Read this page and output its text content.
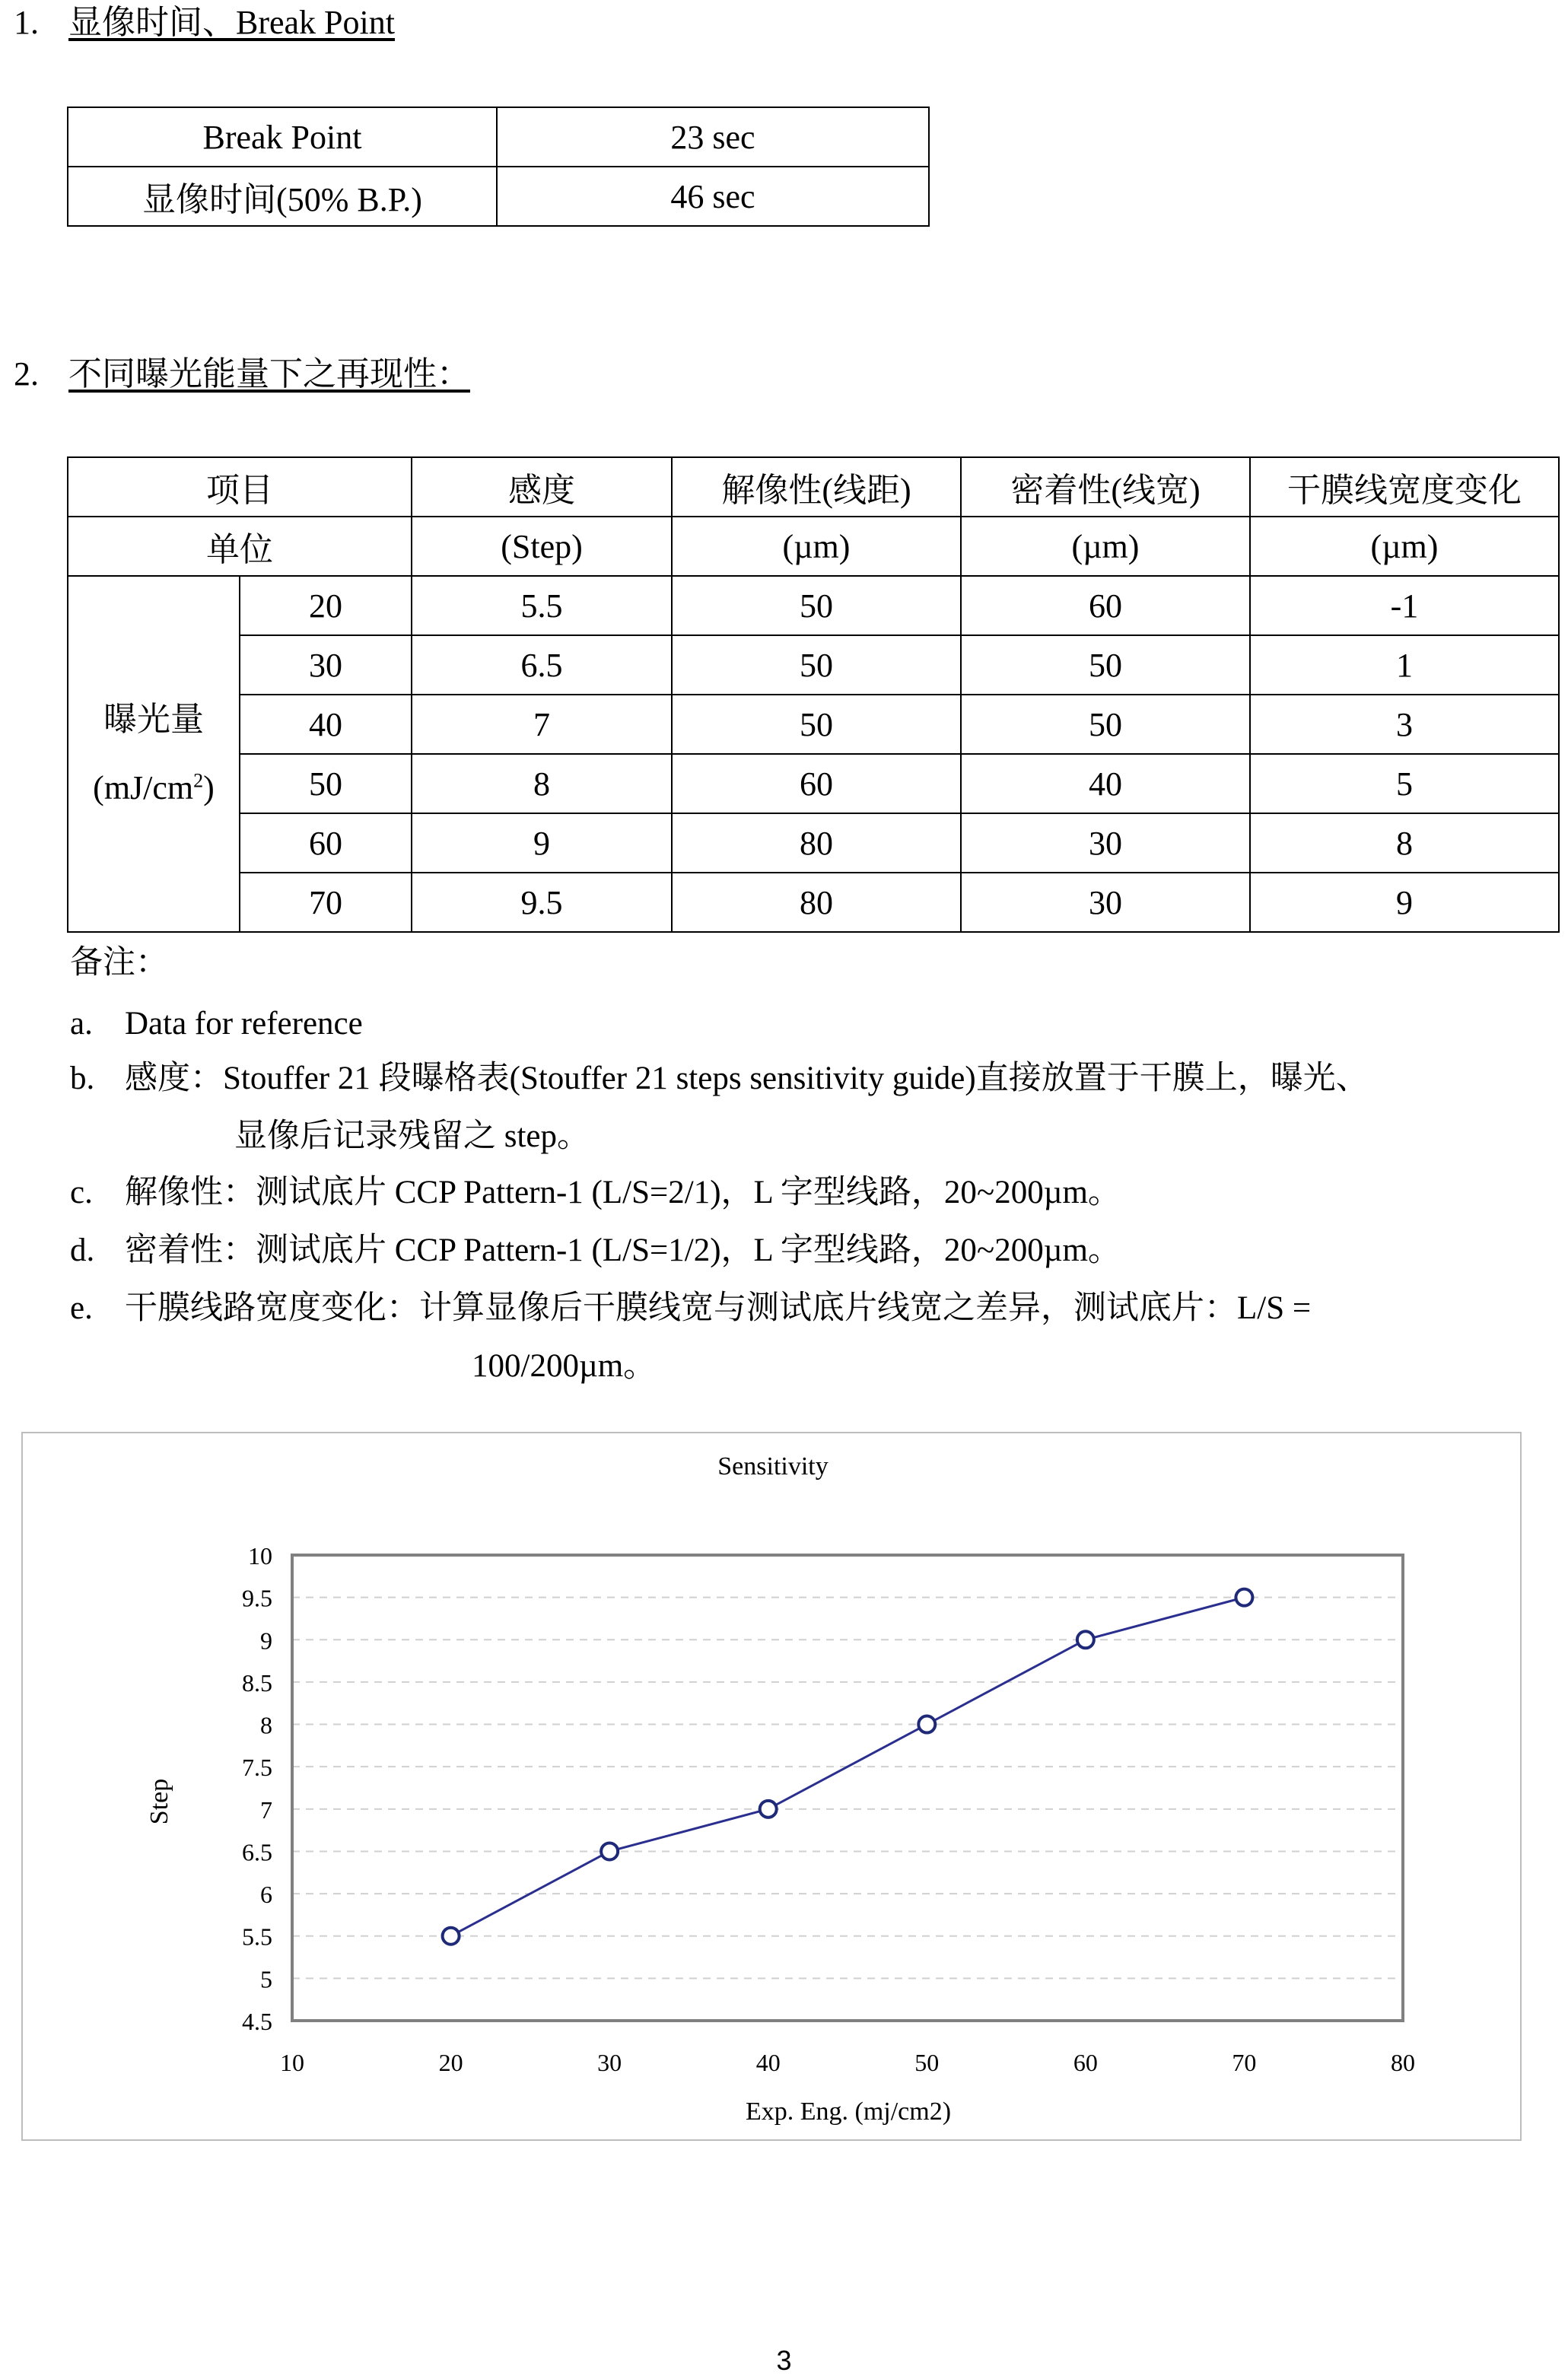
1. 显像时间、Break Point
Break Point	23 sec
显像时间(50% B.P.)	46 sec
2. 不同曝光能量下之再现性：
项目		感度	解像性(线距)	密着性(线宽)	干膜线宽度变化
单位		(Step)	(µm)	(µm)	(µm)
曝光量
$(mJ/cm^2)$	20	5.5	50	60	-1
	30	6.5	50	50	1
	40	7	50	50	3
	50	8	60	40	5
	60	9	80	30	8
	70	9.5	80	30	9
备注：
a. Data for reference
b. 感度：Stouffer 21 段曝格表(Stouffer 21 steps sensitivity guide)直接放置于干膜上，曝光、
显像后记录残留之 step。
c. 解像性：测试底片 CCP Pattern-1 (L/S=2/1)，L 字型线路，20~200µm。
d. 密着性：测试底片 CCP Pattern-1 (L/S=1/2)，L 字型线路，20~200µm。
e. 干膜线路宽度变化：计算显像后干膜线宽与测试底片线宽之差异，测试底片：L/S =
100/200µm。
Sensitivity
4.5
5
5.5
6
6.5
7
7.5
8
8.5
9
9.5
10
10	20	30	40	50	60	70	80
Exp. Eng. (mj/cm2)
Step
3
